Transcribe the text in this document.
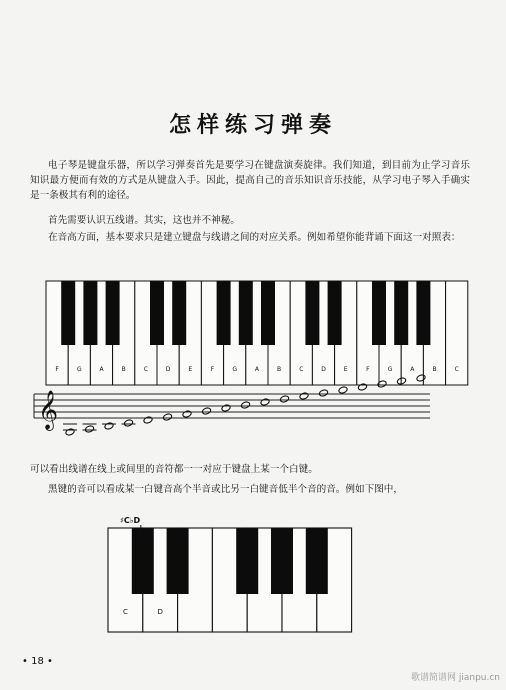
怎样练习弹奏
电子琴是键盘乐器，所以学习弹奏首先是要学习在键盘演奏旋律。我们知道，到目前为止学习音乐知识最方便而有效的方式是从键盘入手。因此，提高自己的音乐知识音乐技能，从学习电子琴入手确实是一条极其有利的途径。
首先需要认识五线谱。其实，这也并不神秘。
在音高方面，基本要求只是建立键盘与线谱之间的对应关系。例如希望你能背诵下面这一对照表：
F	G	A	B	C	D	E	F	G	A	B	C	D	E	F	G	A	B	C
𝄞
C	D
♯C♭D
可以看出线谱在线上或间里的音符都一一对应于键盘上某一个白键。
黑键的音可以看成某一白键音高个半音或比另一白键音低半个音的音。例如下图中，
• 18 •
歌谱简谱网 jianpu.cn
